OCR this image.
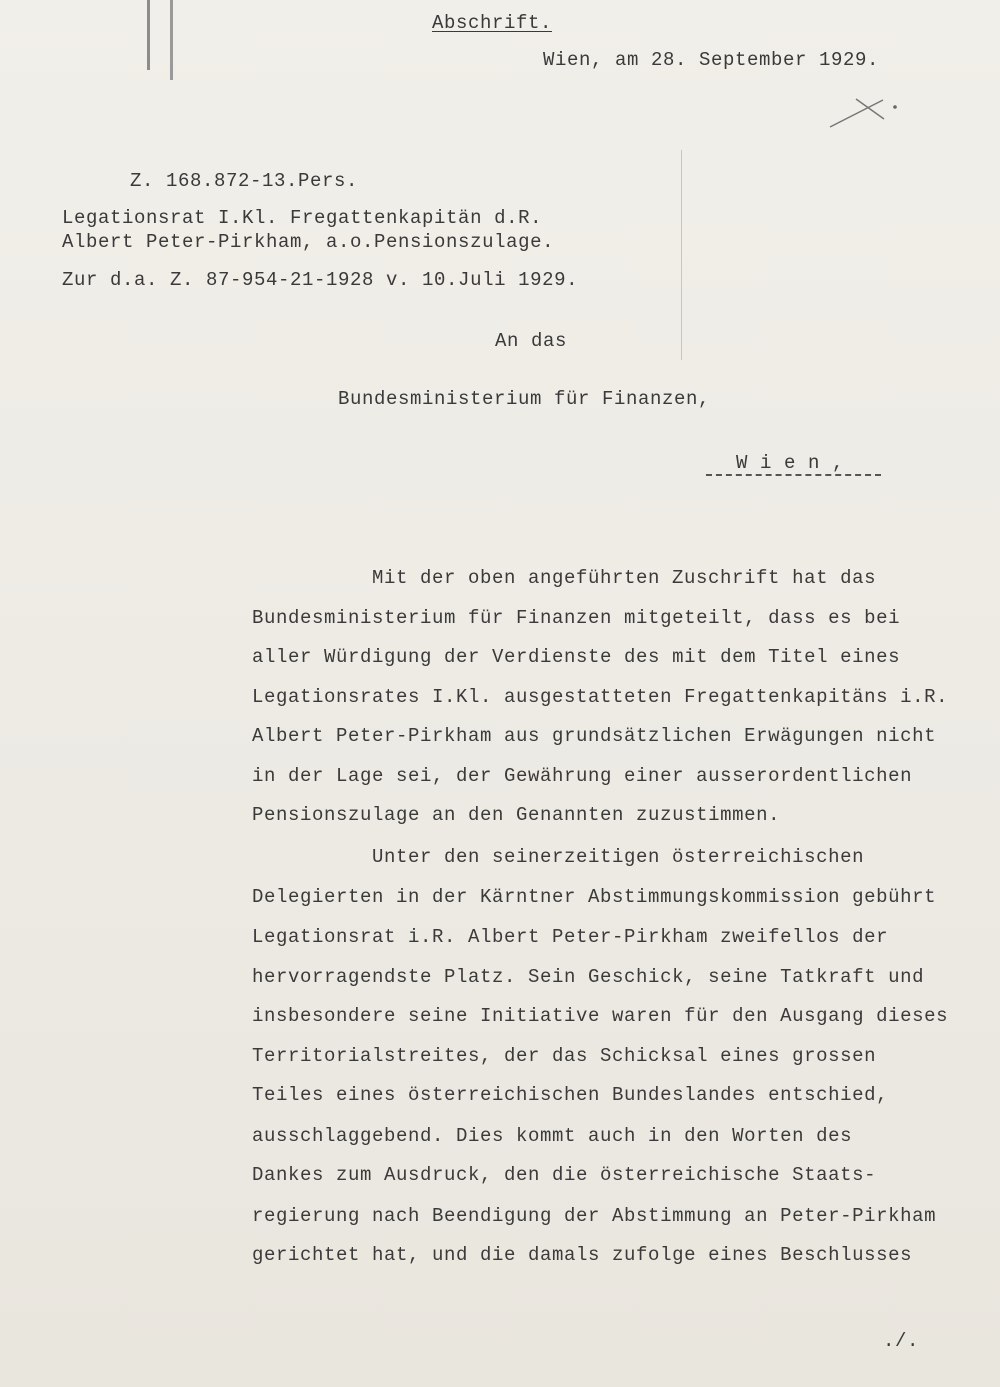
Abschrift.
Wien, am 28. September 1929.
Z. 168.872-13.Pers.
Legationsrat I.Kl. Fregattenkapitän d.R.
Albert Peter-Pirkham, a.o.Pensionszulage.
Zur d.a. Z. 87-954-21-1928 v. 10.Juli 1929.
An das
Bundesministerium für Finanzen,
W i e n ,
Mit der oben angeführten Zuschrift hat das
Bundesministerium für Finanzen mitgeteilt, dass es bei
aller Würdigung der Verdienste des mit dem Titel eines
Legationsrates I.Kl. ausgestatteten Fregattenkapitäns i.R.
Albert Peter-Pirkham aus grundsätzlichen Erwägungen nicht
in der Lage sei, der Gewährung einer ausserordentlichen
Pensionszulage an den Genannten zuzustimmen.
Unter den seinerzeitigen österreichischen
Delegierten in der Kärntner Abstimmungskommission gebührt
Legationsrat i.R. Albert Peter-Pirkham zweifellos der
hervorragendste Platz. Sein Geschick, seine Tatkraft und
insbesondere seine Initiative waren für den Ausgang dieses
Territorialstreites, der das Schicksal eines grossen
Teiles eines österreichischen Bundeslandes entschied,
ausschlaggebend. Dies kommt auch in den Worten des
Dankes zum Ausdruck, den die österreichische Staats-
regierung nach Beendigung der Abstimmung an Peter-Pirkham
gerichtet hat, und die damals zufolge eines Beschlusses
./.
